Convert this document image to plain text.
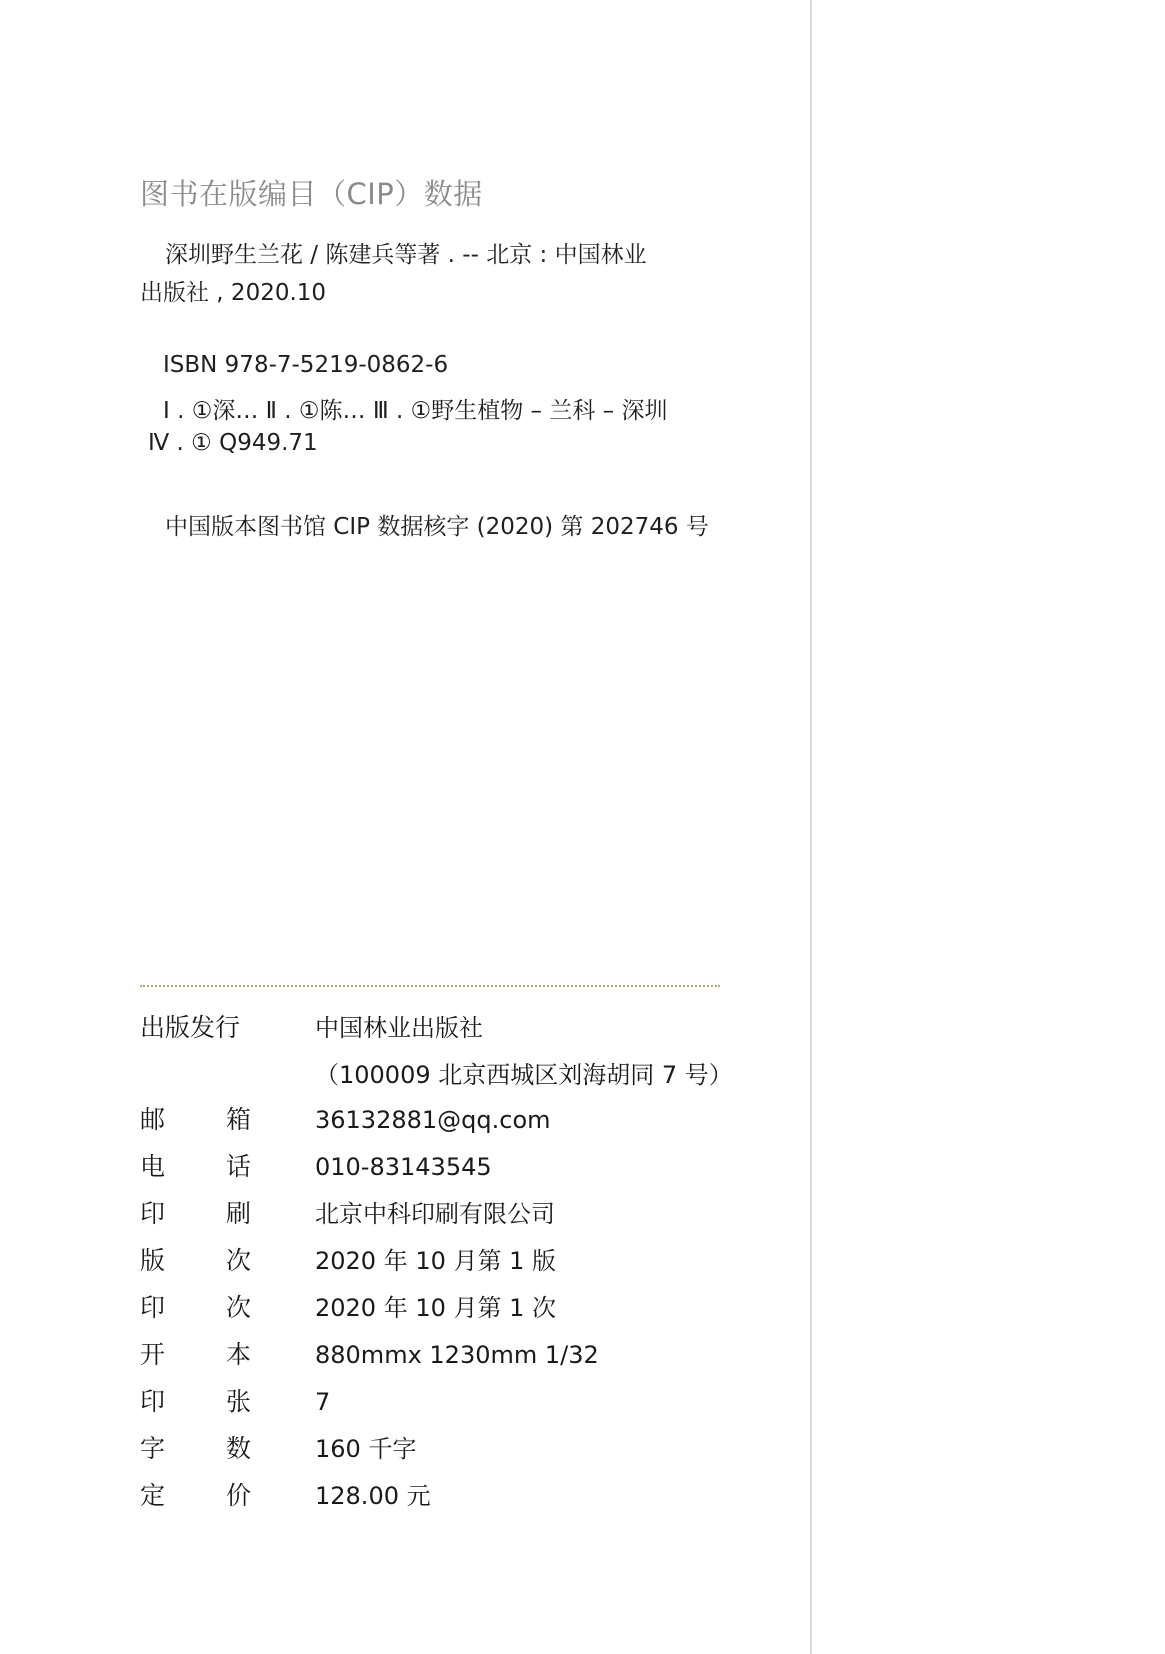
图书在版编目（CIP）数据
深圳野生兰花 / 陈建兵等著 . -- 北京 : 中国林业
出版社 , 2020.10
ISBN 978-7-5219-0862-6
Ⅰ . ①深… Ⅱ . ①陈… Ⅲ . ①野生植物 – 兰科 – 深圳
Ⅳ . ① Q949.71
中国版本图书馆 CIP 数据核字 (2020) 第 202746 号
出版发行	中国林业出版社
（100009 北京西城区刘海胡同 7 号）
邮 箱	36132881@qq.com
电 话	010-83143545
印 刷	北京中科印刷有限公司
版 次	2020 年 10 月第 1 版
印 次	2020 年 10 月第 1 次
开 本	880mmx 1230mm 1/32
印 张	7
字 数	160 千字
定 价	128.00 元
